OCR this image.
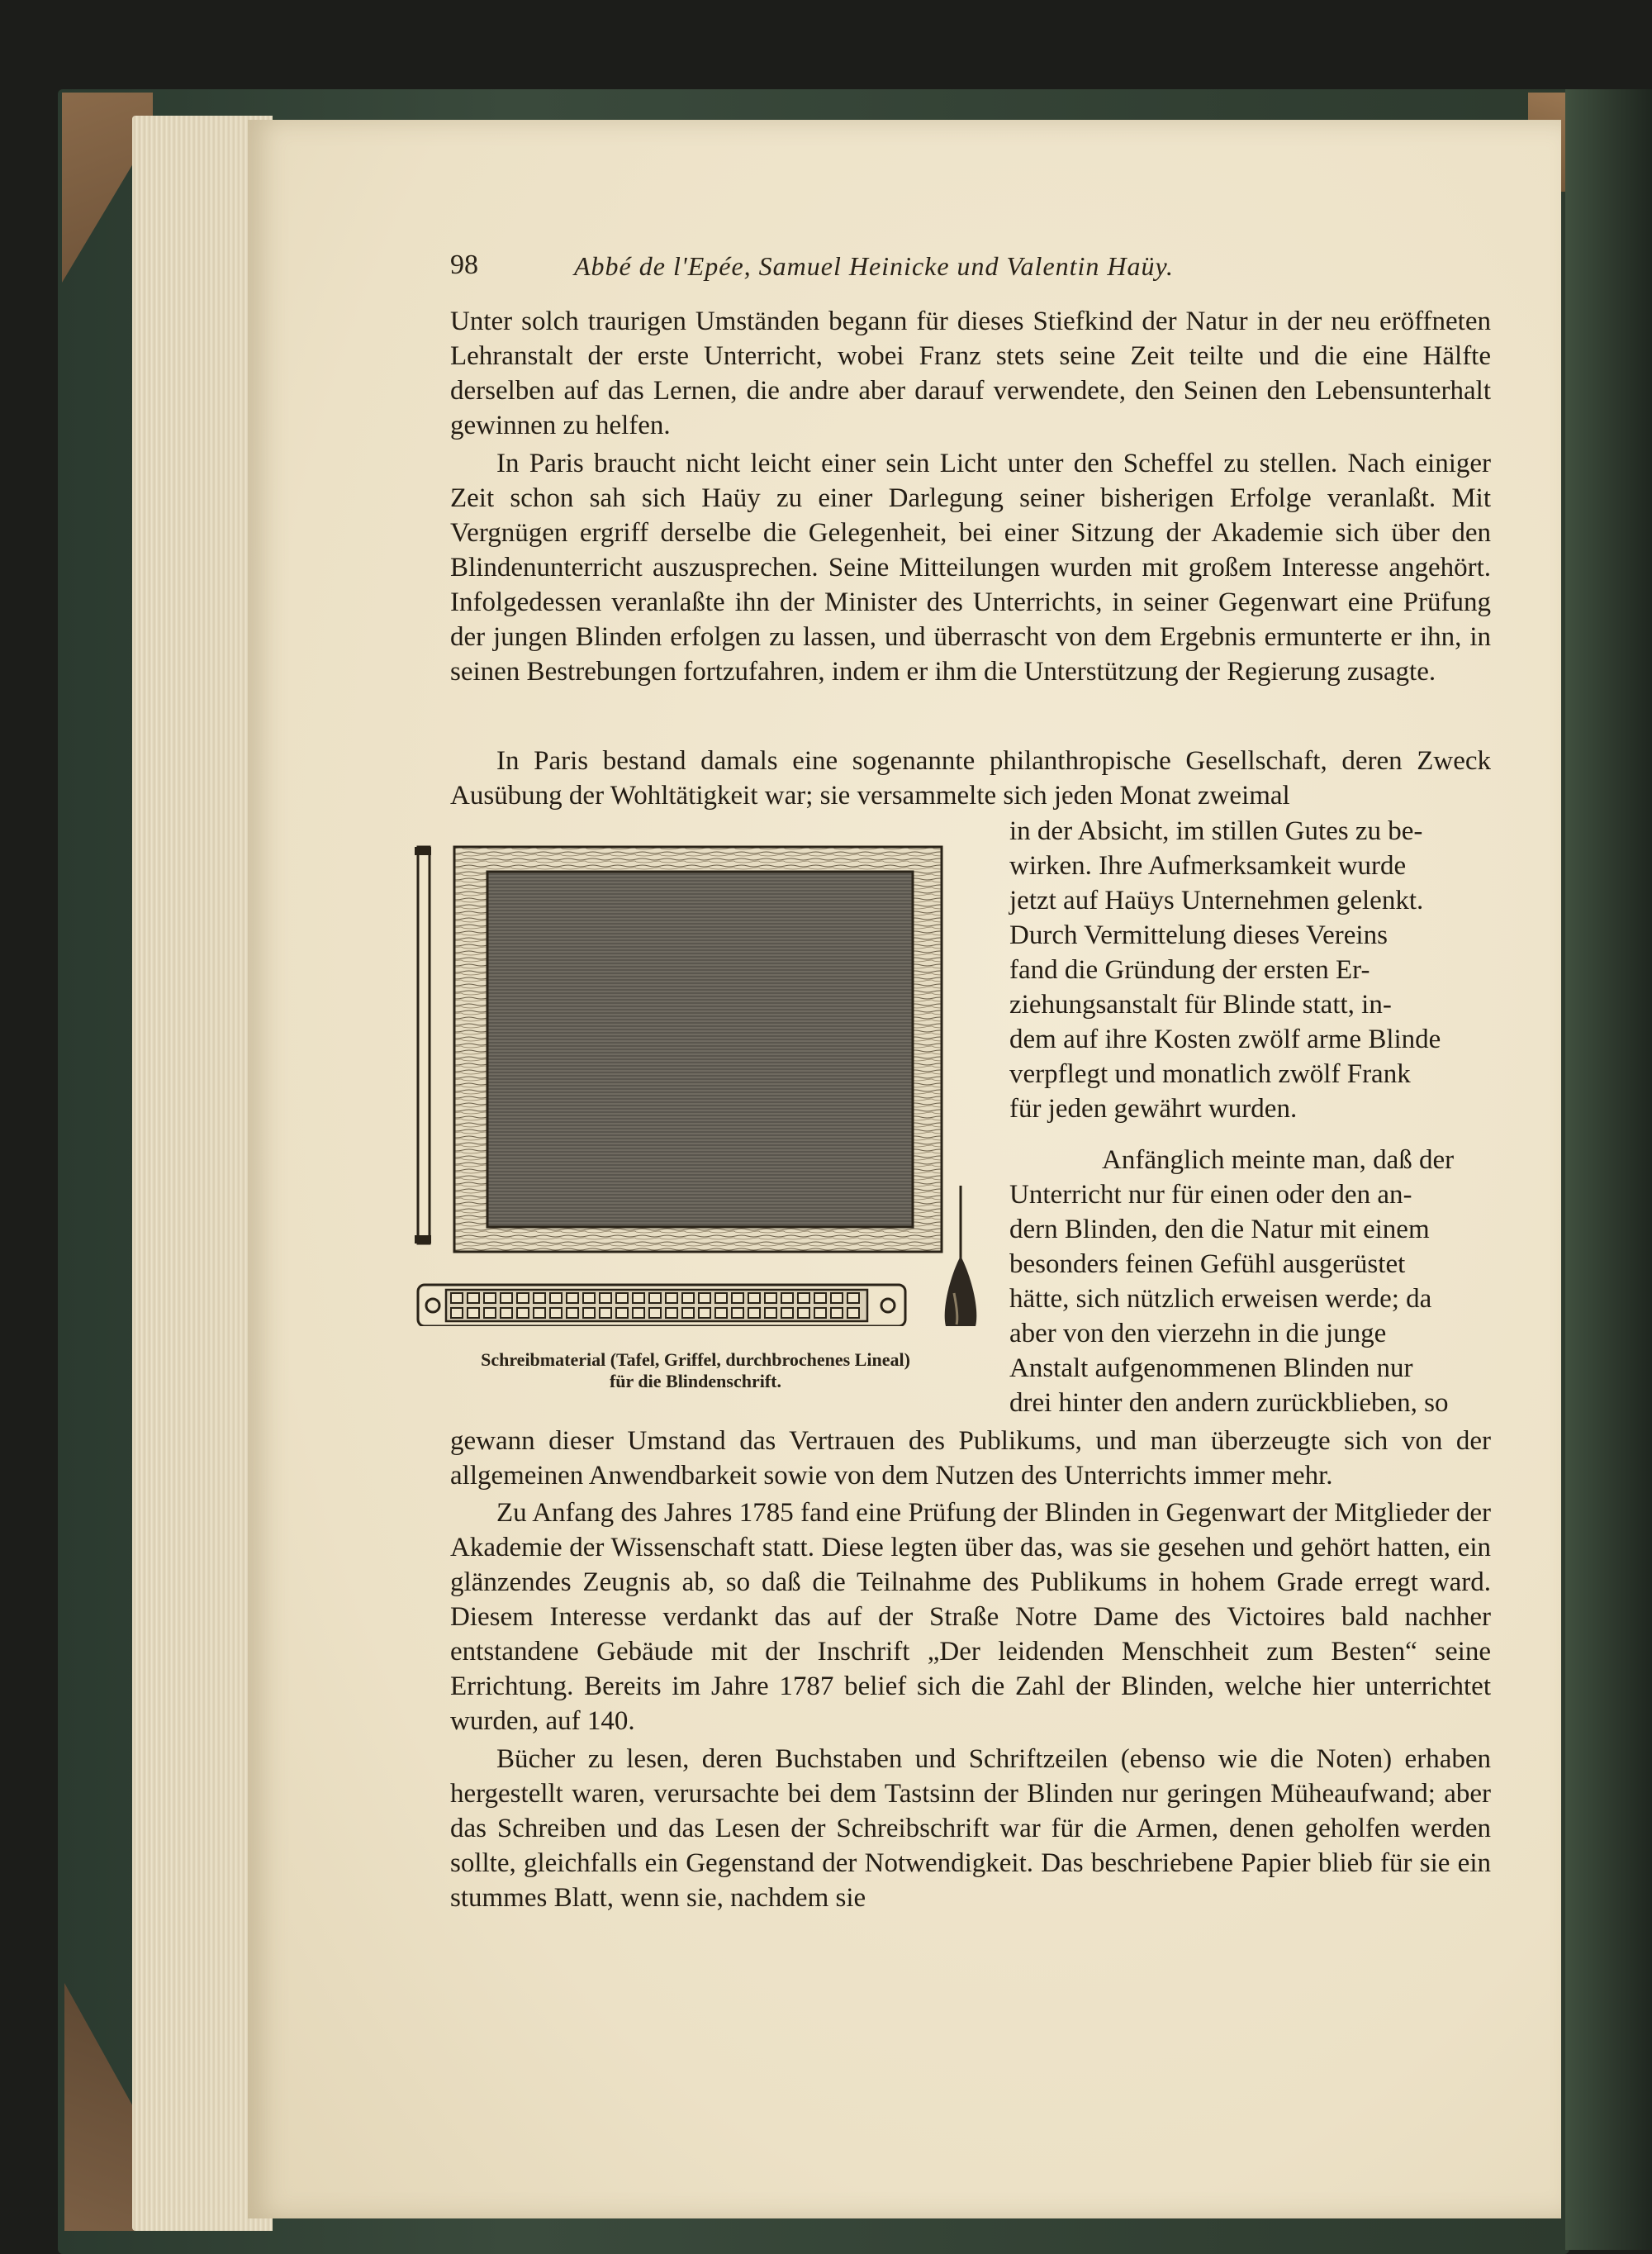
98	Abbé de l'Epée, Samuel Heinicke und Valentin Haüy.

Unter solch traurigen Umständen begann für dieses Stiefkind der Natur in der neu eröffneten Lehranstalt der erste Unterricht, wobei Franz stets seine Zeit teilte und die eine Hälfte derselben auf das Lernen, die andre aber darauf verwendete, den Seinen den Lebensunterhalt gewinnen zu helfen.

In Paris braucht nicht leicht einer sein Licht unter den Scheffel zu stellen. Nach einiger Zeit schon sah sich Haüy zu einer Darlegung seiner bisherigen Erfolge veranlaßt. Mit Vergnügen ergriff derselbe die Gelegenheit, bei einer Sitzung der Akademie sich über den Blindenunterricht auszusprechen. Seine Mitteilungen wurden mit großem Interesse angehört. Infolgedessen veranlaßte ihn der Minister des Unterrichts, in seiner Gegenwart eine Prüfung der jungen Blinden erfolgen zu lassen, und überrascht von dem Ergebnis ermunterte er ihn, in seinen Bestrebungen fortzufahren, indem er ihm die Unterstützung der Regierung zusagte.

In Paris bestand damals eine sogenannte philanthropische Gesellschaft, deren Zweck Ausübung der Wohltätigkeit war; sie versammelte sich jeden Monat zweimal

in der Absicht, im stillen Gutes zu be-
wirken. Ihre Aufmerksamkeit wurde
jetzt auf Haüys Unternehmen gelenkt.
Durch Vermittelung dieses Vereins
fand die Gründung der ersten Er-
ziehungsanstalt für Blinde statt, in-
dem auf ihre Kosten zwölf arme Blinde
verpflegt und monatlich zwölf Frank
für jeden gewährt wurden.
Anfänglich meinte man, daß der
Unterricht nur für einen oder den an-
dern Blinden, den die Natur mit einem
besonders feinen Gefühl ausgerüstet
hätte, sich nützlich erweisen werde; da
aber von den vierzehn in die junge
Anstalt aufgenommenen Blinden nur
drei hinter den andern zurückblieben, so

gewann dieser Umstand das Vertrauen des Publikums, und man überzeugte sich von der allgemeinen Anwendbarkeit sowie von dem Nutzen des Unterrichts immer mehr.

Zu Anfang des Jahres 1785 fand eine Prüfung der Blinden in Gegenwart der Mitglieder der Akademie der Wissenschaft statt. Diese legten über das, was sie gesehen und gehört hatten, ein glänzendes Zeugnis ab, so daß die Teilnahme des Publikums in hohem Grade erregt ward. Diesem Interesse verdankt das auf der Straße Notre Dame des Victoires bald nachher entstandene Gebäude mit der Inschrift „Der leidenden Menschheit zum Besten“ seine Errichtung. Bereits im Jahre 1787 belief sich die Zahl der Blinden, welche hier unterrichtet wurden, auf 140.

Bücher zu lesen, deren Buchstaben und Schriftzeilen (ebenso wie die Noten) erhaben hergestellt waren, verursachte bei dem Tastsinn der Blinden nur geringen Müheaufwand; aber das Schreiben und das Lesen der Schreibschrift war für die Armen, denen geholfen werden sollte, gleichfalls ein Gegenstand der Notwendigkeit. Das beschriebene Papier blieb für sie ein stummes Blatt, wenn sie, nachdem sie

Schreibmaterial (Tafel, Griffel, durchbrochenes Lineal)
für die Blindenschrift.
